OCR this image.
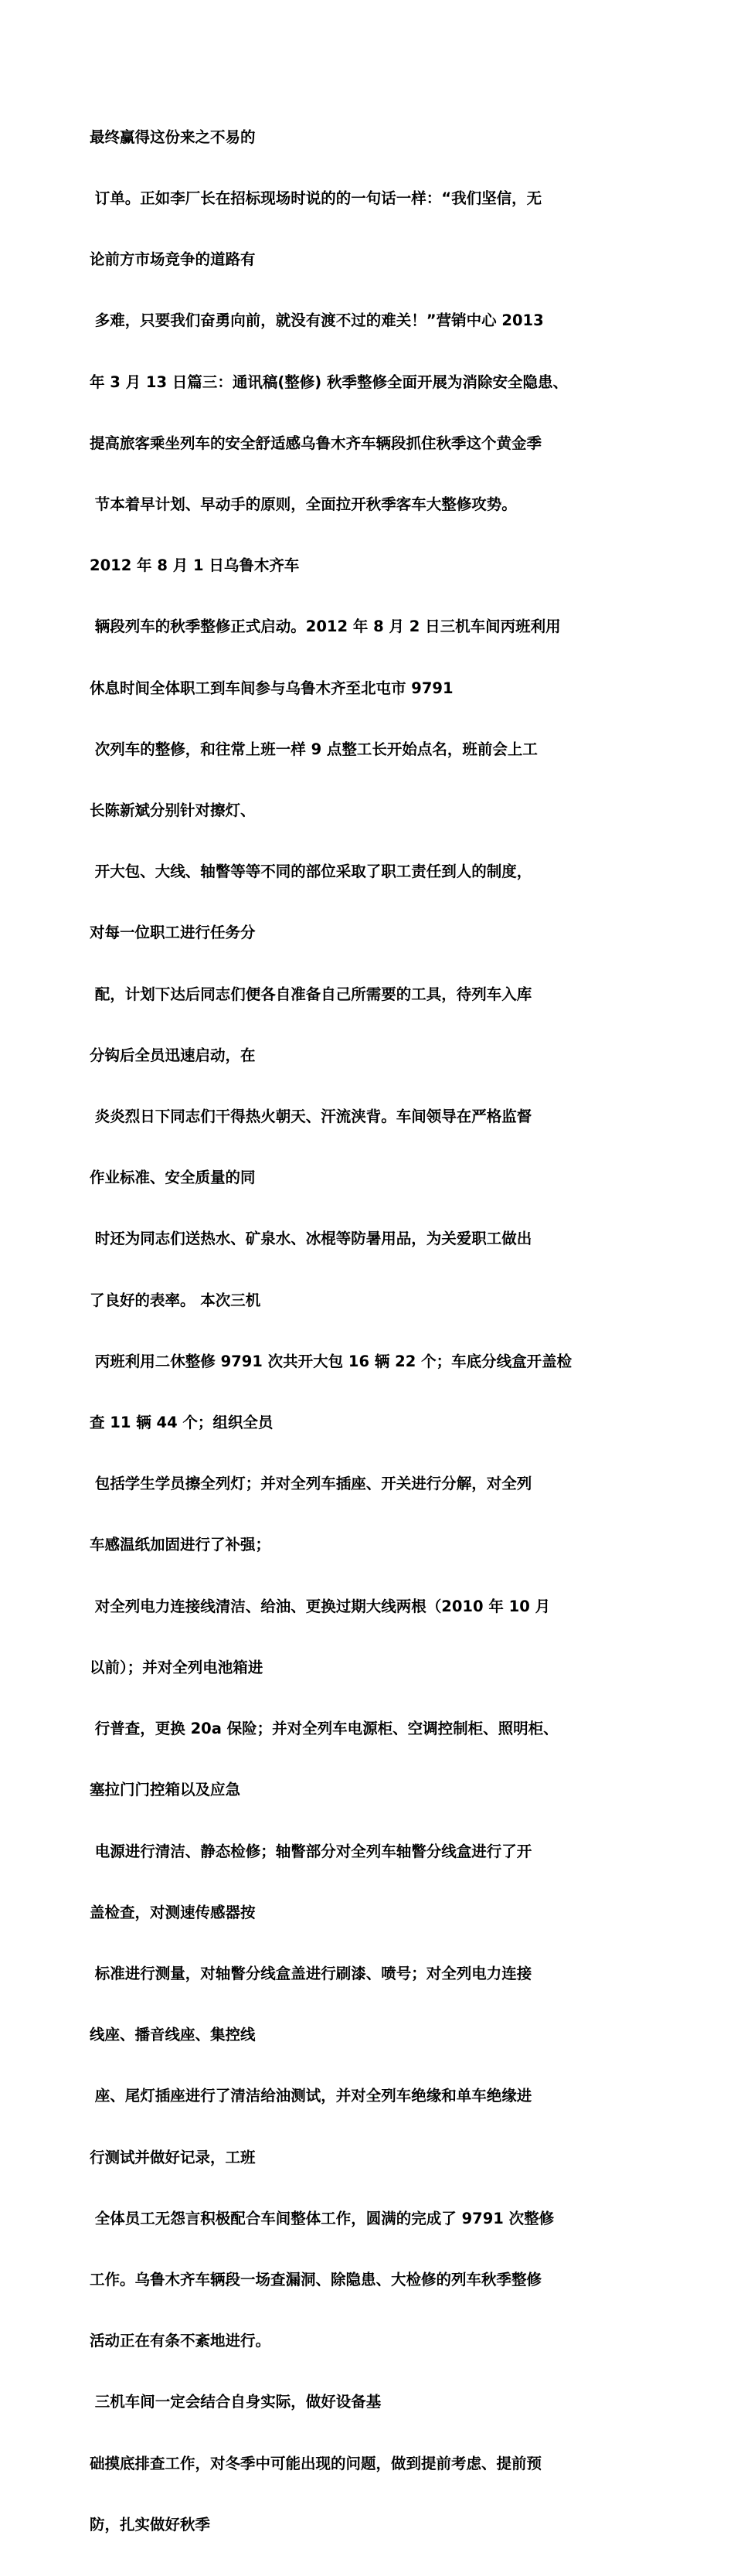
最终赢得这份来之不易的

订单。正如李厂长在招标现场时说的的一句话一样：“我们坚信，无

论前方市场竞争的道路有

多难，只要我们奋勇向前，就没有渡不过的难关！”营销中心 2013

年 3 月 13 日篇三：通讯稿(整修) 秋季整修全面开展为消除安全隐患、

提高旅客乘坐列车的安全舒适感乌鲁木齐车辆段抓住秋季这个黄金季

节本着早计划、早动手的原则，全面拉开秋季客车大整修攻势。

2012 年 8 月 1 日乌鲁木齐车

辆段列车的秋季整修正式启动。2012 年 8 月 2 日三机车间丙班利用

休息时间全体职工到车间参与乌鲁木齐至北屯市 9791

次列车的整修，和往常上班一样 9 点整工长开始点名，班前会上工

长陈新斌分别针对擦灯、

开大包、大线、轴瞥等等不同的部位采取了职工责任到人的制度，

对每一位职工进行任务分

配，计划下达后同志们便各自准备自己所需要的工具，待列车入库

分钩后全员迅速启动，在

炎炎烈日下同志们干得热火朝天、汗流浃背。车间领导在严格监督

作业标准、安全质量的同

时还为同志们送热水、矿泉水、冰棍等防暑用品，为关爱职工做出

了良好的表率。 本次三机

丙班利用二休整修 9791 次共开大包 16 辆 22 个；车底分线盒开盖检

查 11 辆 44 个；组织全员

包括学生学员擦全列灯；并对全列车插座、开关进行分解，对全列

车感温纸加固进行了补强；

对全列电力连接线清洁、给油、更换过期大线两根（2010 年 10 月

以前）；并对全列电池箱进

行普查，更换 20a 保险；并对全列车电源柜、空调控制柜、照明柜、

塞拉门门控箱以及应急

电源进行清洁、静态检修；轴瞥部分对全列车轴瞥分线盒进行了开

盖检查，对测速传感器按

标准进行测量，对轴瞥分线盒盖进行刷漆、喷号；对全列电力连接

线座、播音线座、集控线

座、尾灯插座进行了清洁给油测试，并对全列车绝缘和单车绝缘进

行测试并做好记录，工班

全体员工无怨言积极配合车间整体工作，圆满的完成了 9791 次整修

工作。乌鲁木齐车辆段一场查漏洞、除隐患、大检修的列车秋季整修

活动正在有条不紊地进行。

三机车间一定会结合自身实际，做好设备基

础摸底排查工作，对冬季中可能出现的问题，做到提前考虑、提前预

防，扎实做好秋季
